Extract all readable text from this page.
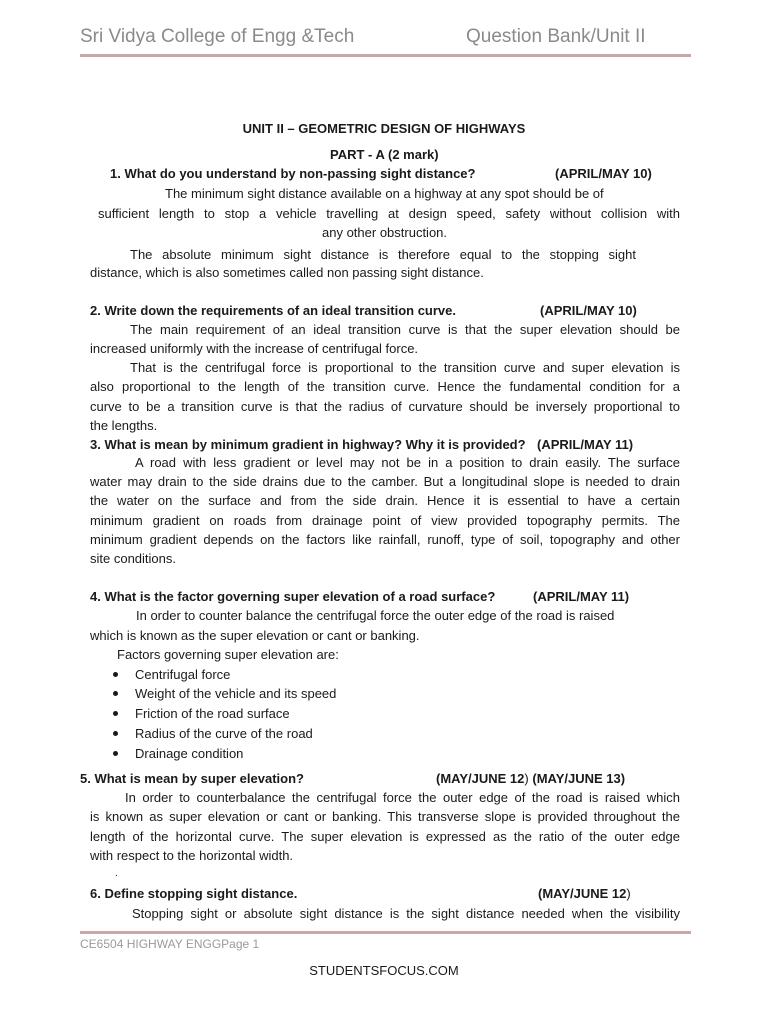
Sri Vidya College of Engg &Tech	Question Bank/Unit II
UNIT II – GEOMETRIC DESIGN OF HIGHWAYS
PART - A (2 mark)
1. What do you understand by non-passing sight distance?	(APRIL/MAY 10)
The minimum sight distance available on a highway at any spot should be of
sufficient length to stop a vehicle travelling at design speed, safety without collision with
any other obstruction.
The absolute minimum sight distance is therefore equal to the stopping sight
distance, which is also sometimes called non passing sight distance.
2. Write down the requirements of an ideal transition curve.	(APRIL/MAY 10)
The main requirement of an ideal transition curve is that the super elevation should be
increased uniformly with the increase of centrifugal force.
That is the centrifugal force is proportional to the transition curve and super elevation is
also proportional to the length of the transition curve. Hence the fundamental condition for a
curve to be a transition curve is that the radius of curvature should be inversely proportional to
the lengths.
3. What is mean by minimum gradient in highway? Why it is provided? (APRIL/MAY 11)
A road with less gradient or level may not be in a position to drain easily. The surface
water may drain to the side drains due to the camber. But a longitudinal slope is needed to drain
the water on the surface and from the side drain. Hence it is essential to have a certain
minimum gradient on roads from drainage point of view provided topography permits. The
minimum gradient depends on the factors like rainfall, runoff, type of soil, topography and other
site conditions.
4. What is the factor governing super elevation of a road surface?	(APRIL/MAY 11)
In order to counter balance the centrifugal force the outer edge of the road is raised
which is known as the super elevation or cant or banking.
Factors governing super elevation are:
Centrifugal force
Weight of the vehicle and its speed
Friction of the road surface
Radius of the curve of the road
Drainage condition
5. What is mean by super elevation?	(MAY/JUNE 12) (MAY/JUNE 13)
In order to counterbalance the centrifugal force the outer edge of the road is raised which
is known as super elevation or cant or banking. This transverse slope is provided throughout the
length of the horizontal curve. The super elevation is expressed as the ratio of the outer edge
with respect to the horizontal width.
.
6. Define stopping sight distance.	(MAY/JUNE 12)
Stopping sight or absolute sight distance is the sight distance needed when the visibility
CE6504 HIGHWAY ENGGPage 1
STUDENTSFOCUS.COM
